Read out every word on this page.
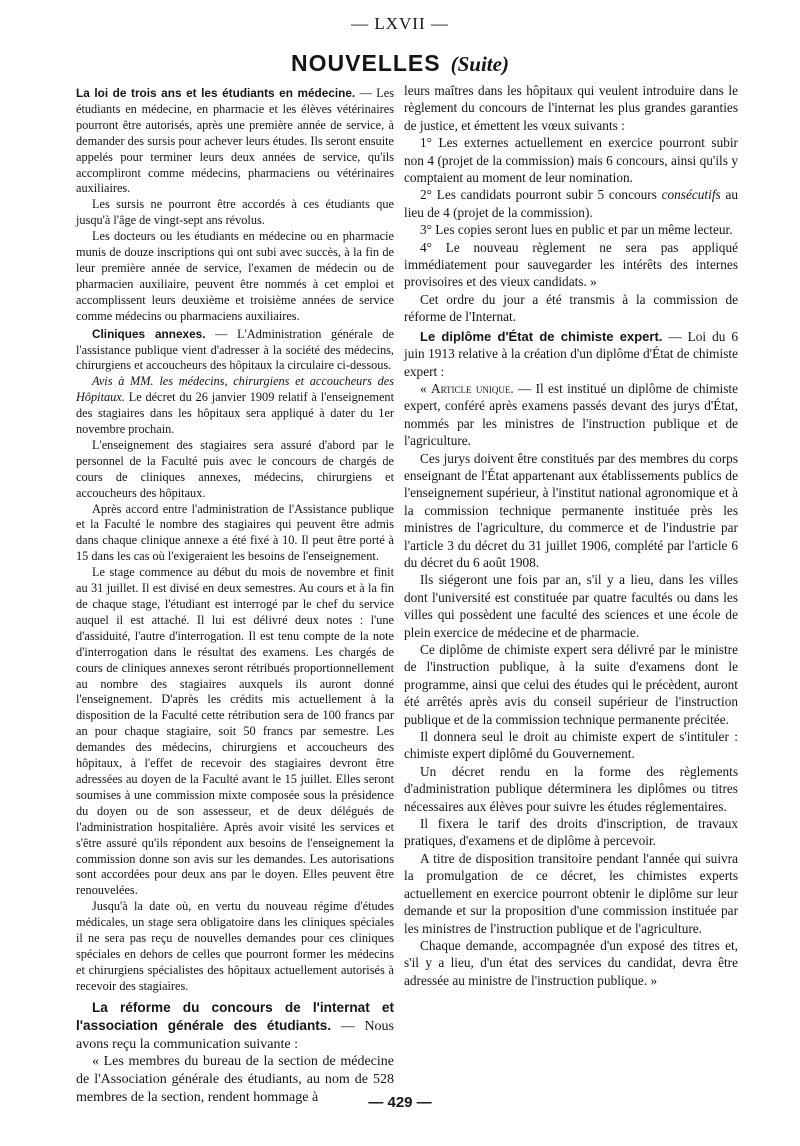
— LXVII —
NOUVELLES (Suite)

La loi de trois ans et les étudiants en médecine. — Les étudiants en médecine, en pharmacie et les élèves vétérinaires pourront être autorisés, après une première année de service, à demander des sursis pour achever leurs études. Ils seront ensuite appelés pour terminer leurs deux années de service, qu'ils accompliront comme médecins, pharmaciens ou vétérinaires auxiliaires.

Les sursis ne pourront être accordés à ces étudiants que jusqu'à l'âge de vingt-sept ans révolus.

Les docteurs ou les étudiants en médecine ou en pharmacie munis de douze inscriptions qui ont subi avec succès, à la fin de leur première année de service, l'examen de médecin ou de pharmacien auxiliaire, peuvent être nommés à cet emploi et accomplissent leurs deuxième et troisième années de service comme médecins ou pharmaciens auxiliaires.

Cliniques annexes. — L'Administration générale de l'assistance publique vient d'adresser à la société des médecins, chirurgiens et accoucheurs des hôpitaux la circulaire ci-dessous.

Avis à MM. les médecins, chirurgiens et accoucheurs des Hôpitaux. Le décret du 26 janvier 1909 relatif à l'enseignement des stagiaires dans les hôpitaux sera appliqué à dater du 1er novembre prochain.

L'enseignement des stagiaires sera assuré d'abord par le personnel de la Faculté puis avec le concours de chargés de cours de cliniques annexes, médecins, chirurgiens et accoucheurs des hôpitaux.

Après accord entre l'administration de l'Assistance publique et la Faculté le nombre des stagiaires qui peuvent être admis dans chaque clinique annexe a été fixé à 10. Il peut être porté à 15 dans les cas où l'exigeraient les besoins de l'enseignement.

Le stage commence au début du mois de novembre et finit au 31 juillet. Il est divisé en deux semestres. Au cours et à la fin de chaque stage, l'étudiant est interrogé par le chef du service auquel il est attaché. Il lui est délivré deux notes : l'une d'assiduité, l'autre d'interrogation. Il est tenu compte de la note d'interrogation dans le résultat des examens. Les chargés de cours de cliniques annexes seront rétribués proportionnellement au nombre des stagiaires auxquels ils auront donné l'enseignement. D'après les crédits mis actuellement à la disposition de la Faculté cette rétribution sera de 100 francs par an pour chaque stagiaire, soit 50 francs par semestre. Les demandes des médecins, chirurgiens et accoucheurs des hôpitaux, à l'effet de recevoir des stagiaires devront être adressées au doyen de la Faculté avant le 15 juillet. Elles seront soumises à une commission mixte composée sous la présidence du doyen ou de son assesseur, et de deux délégués de l'administration hospitalière. Après avoir visité les services et s'être assuré qu'ils répondent aux besoins de l'enseignement la commission donne son avis sur les demandes. Les autorisations sont accordées pour deux ans par le doyen. Elles peuvent être renouvelées.

Jusqu'à la date où, en vertu du nouveau régime d'études médicales, un stage sera obligatoire dans les cliniques spéciales il ne sera pas reçu de nouvelles demandes pour ces cliniques spéciales en dehors de celles que pourront former les médecins et chirurgiens spécialistes des hôpitaux actuellement autorisés à recevoir des stagiaires.

La réforme du concours de l'internat et l'association générale des étudiants. — Nous avons reçu la communication suivante :

« Les membres du bureau de la section de médecine de l'Association générale des étudiants, au nom de 528 membres de la section, rendent hommage à

leurs maîtres dans les hôpitaux qui veulent introduire dans le règlement du concours de l'internat les plus grandes garanties de justice, et émettent les vœux suivants :

1° Les externes actuellement en exercice pourront subir non 4 (projet de la commission) mais 6 concours, ainsi qu'ils y comptaient au moment de leur nomination.

2° Les candidats pourront subir 5 concours consécutifs au lieu de 4 (projet de la commission).

3° Les copies seront lues en public et par un même lecteur.

4° Le nouveau règlement ne sera pas appliqué immédiatement pour sauvegarder les intérêts des internes provisoires et des vieux candidats. »

Cet ordre du jour a été transmis à la commission de réforme de l'Internat.

Le diplôme d'État de chimiste expert. — Loi du 6 juin 1913 relative à la création d'un diplôme d'État de chimiste expert :

« Article unique. — Il est institué un diplôme de chimiste expert, conféré après examens passés devant des jurys d'État, nommés par les ministres de l'instruction publique et de l'agriculture.

Ces jurys doivent être constitués par des membres du corps enseignant de l'État appartenant aux établissements publics de l'enseignement supérieur, à l'institut national agronomique et à la commission technique permanente instituée près les ministres de l'agriculture, du commerce et de l'industrie par l'article 3 du décret du 31 juillet 1906, complété par l'article 6 du décret du 6 août 1908.

Ils siégeront une fois par an, s'il y a lieu, dans les villes dont l'université est constituée par quatre facultés ou dans les villes qui possèdent une faculté des sciences et une école de plein exercice de médecine et de pharmacie.

Ce diplôme de chimiste expert sera délivré par le ministre de l'instruction publique, à la suite d'examens dont le programme, ainsi que celui des études qui le précèdent, auront été arrêtés après avis du conseil supérieur de l'instruction publique et de la commission technique permanente précitée.

Il donnera seul le droit au chimiste expert de s'intituler : chimiste expert diplômé du Gouvernement.

Un décret rendu en la forme des règlements d'administration publique déterminera les diplômes ou titres nécessaires aux élèves pour suivre les études réglementaires.

Il fixera le tarif des droits d'inscription, de travaux pratiques, d'examens et de diplôme à percevoir.

A titre de disposition transitoire pendant l'année qui suivra la promulgation de ce décret, les chimistes experts actuellement en exercice pourront obtenir le diplôme sur leur demande et sur la proposition d'une commission instituée par les ministres de l'instruction publique et de l'agriculture.

Chaque demande, accompagnée d'un exposé des titres et, s'il y a lieu, d'un état des services du candidat, devra être adressée au ministre de l'instruction publique. »

— 429 —
